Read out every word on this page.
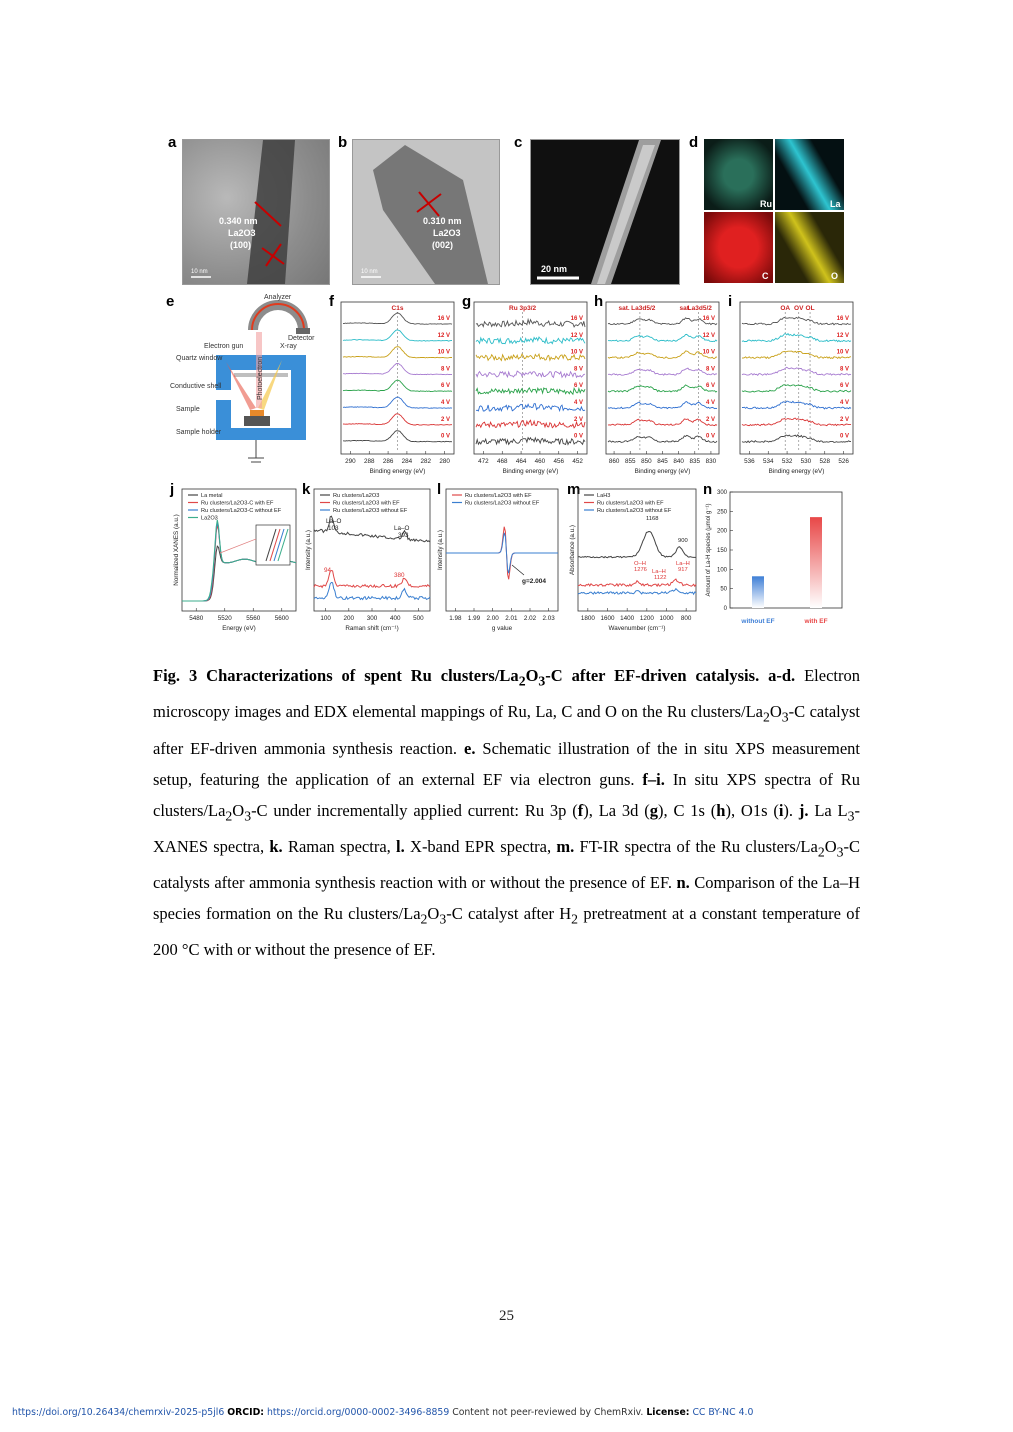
a	b	c	d
e	f	g	h	i
j	k	l	m	n
0.340 nm
La2O3
(100)
10 nm
0.310 nm
La2O3
(002)
10 nm	20 nm
Ru	La
C	O
Analyzer
Detector
Electron gun	X-ray
Photoelectron
Quartz window
Conductive shell
Sample
Sample holder
290 288 286 284 282 280
Binding energy (eV)
16 V
12 V
10 V
8 V
6 V
4 V
2 V
0 V
C1s
472 468 464 460 456 452
Binding energy (eV)
16 V
12 V
10 V
8 V
6 V
4 V
2 V
0 V
Ru 3p3/2
860 855 850 845 840 835 830
Binding energy (eV)
16 V
12 V
10 V
8 V
6 V
4 V
2 V
0 V
sat. La3d5/2	sat.
La3d5/2
536 534 532 530 528 526
Binding energy (eV)
16 V
12 V
10 V
8 V
6 V
4 V
2 V
0 V
OA OV OL
5480 5520 5560 5600
Energy (eV)
Normalized XANES (a.u.)
La metal
Ru clusters/La2O3-C with EF
Ru clusters/La2O3-C without EF
La2O3
100 200 300 400 500
Raman shift (cm⁻¹)
Intensity (a.u.)
Ru clusters/La2O3
Ru clusters/La2O3 with EF
Ru clusters/La2O3 without EF
La–O
103	La–O
393
94
380
1.98 1.99 2.00 2.01 2.02 2.03
g value
Intensity (a.u.)
Ru clusters/La2O3 with EF
Ru clusters/La2O3 without EF
g=2.004
1800 1600 1400 1200 1000 800
Wavenumber (cm⁻¹)
Absorbance (a.u.)
LaH3
Ru clusters/La2O3 with EF
Ru clusters/La2O3 without EF
1168
900
O–H
1276 La–H
1122
La–H
917
0
50
100
150
200
250
300
Amount of La-H species (μmol g⁻¹)
without EF	with EF
Fig. 3 Characterizations of spent Ru clusters/$La_2O_3-C$ after EF-driven catalysis. a-d. Electron microscopy images and EDX elemental mappings of Ru, La, C and O on the Ru clusters/$La_2O_3-C$ catalyst after EF-driven ammonia synthesis reaction. e. Schematic illustration of the in situ XPS measurement setup, featuring the application of an external EF via electron guns. f–i. In situ XPS spectra of Ru clusters/$La_2O_3-C$ under incrementally applied current: Ru 3p (f), La 3d (g), C 1s (h), O1s (i). j. La $L_3$-XANES spectra, k. Raman spectra, l. X-band EPR spectra, m. FT-IR spectra of the Ru clusters/$La_2O_3-C$ catalysts after ammonia synthesis reaction with or without the presence of EF. n. Comparison of the La–H species formation on the Ru clusters/$La_2O_3-C$ catalyst after $H_2$ pretreatment at a constant temperature of 200 °C with or without the presence of EF.
25
https://doi.org/10.26434/chemrxiv-2025-p5jl6 ORCID: https://orcid.org/0000-0002-3496-8859 Content not peer-reviewed by ChemRxiv. License: CC BY-NC 4.0
